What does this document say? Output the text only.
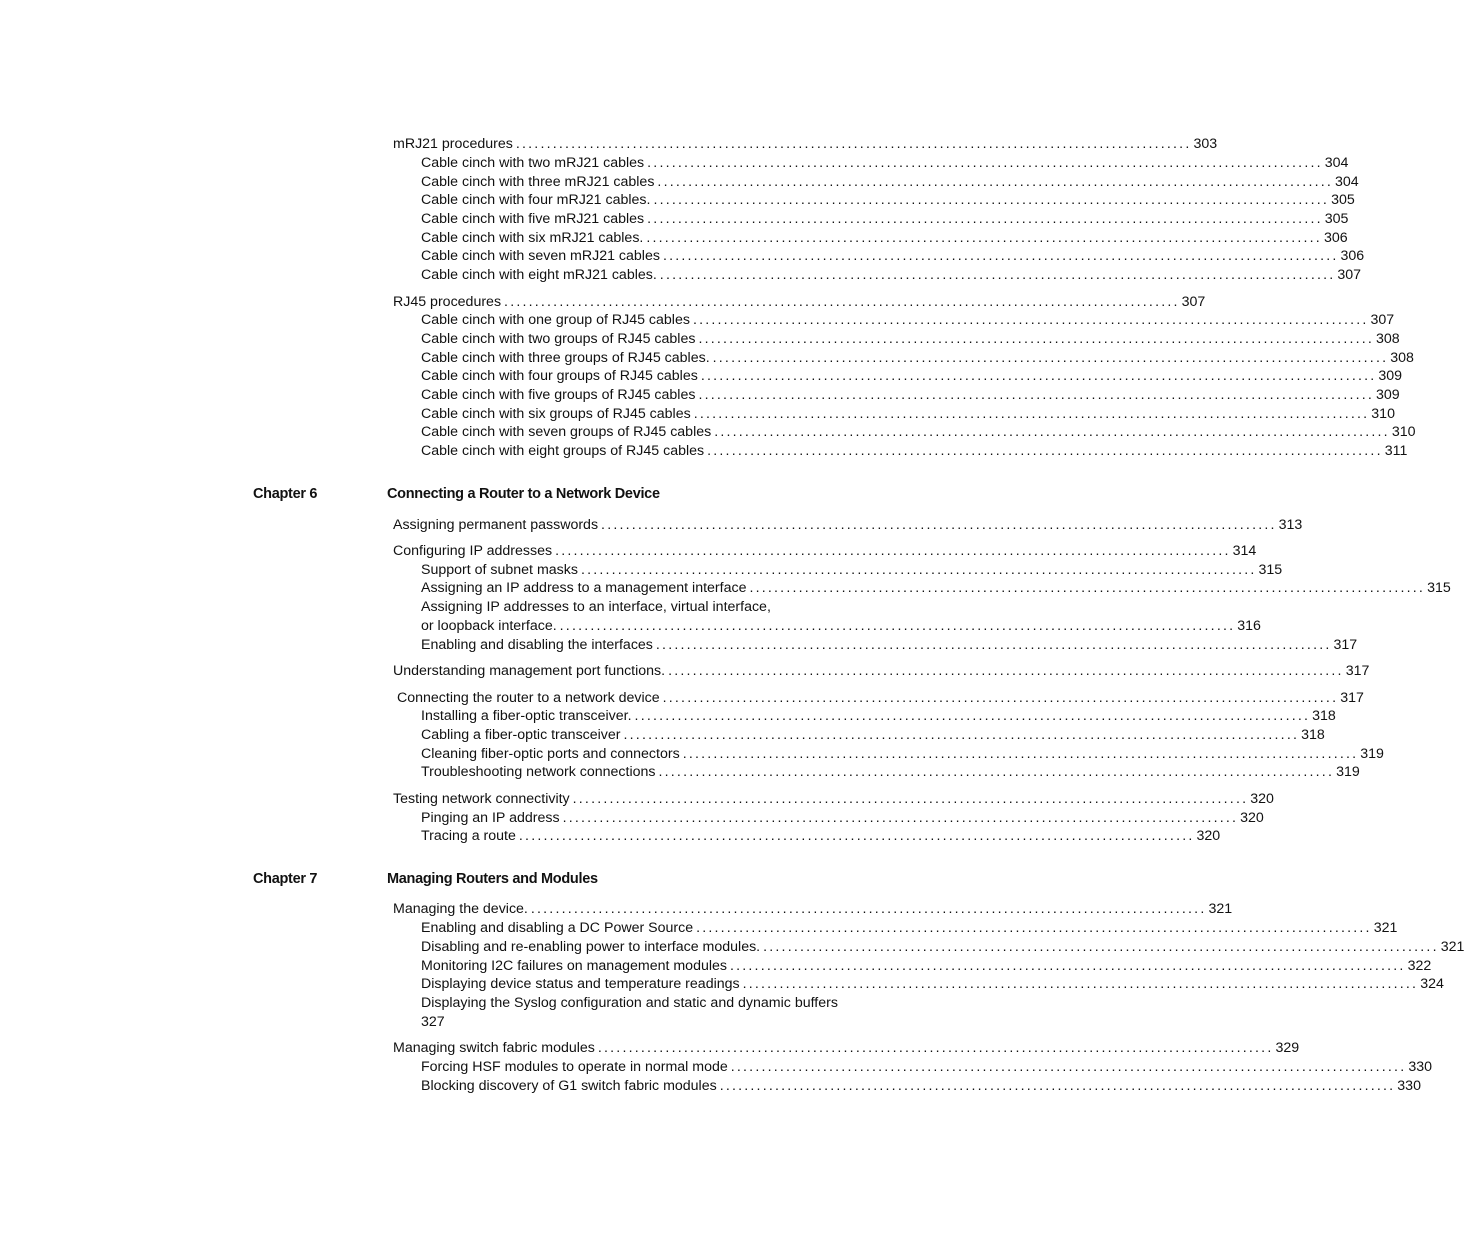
mRJ21 procedures .............................................................................................................. 303
Cable cinch with two mRJ21 cables .............................................................................................................. 304
Cable cinch with three mRJ21 cables .............................................................................................................. 304
Cable cinch with four mRJ21 cables. .............................................................................................................. 305
Cable cinch with five mRJ21 cables .............................................................................................................. 305
Cable cinch with six mRJ21 cables. .............................................................................................................. 306
Cable cinch with seven mRJ21 cables .............................................................................................................. 306
Cable cinch with eight mRJ21 cables. .............................................................................................................. 307
RJ45 procedures .............................................................................................................. 307
Cable cinch with one group of RJ45 cables .............................................................................................................. 307
Cable cinch with two groups of RJ45 cables .............................................................................................................. 308
Cable cinch with three groups of RJ45 cables. .............................................................................................................. 308
Cable cinch with four groups of RJ45 cables .............................................................................................................. 309
Cable cinch with five groups of RJ45 cables .............................................................................................................. 309
Cable cinch with six groups of RJ45 cables .............................................................................................................. 310
Cable cinch with seven groups of RJ45 cables .............................................................................................................. 310
Cable cinch with eight groups of RJ45 cables .............................................................................................................. 311
Chapter 6	Connecting a Router to a Network Device
Assigning permanent passwords .............................................................................................................. 313
Configuring IP addresses .............................................................................................................. 314
Support of subnet masks .............................................................................................................. 315
Assigning an IP address to a management interface .............................................................................................................. 315
Assigning IP addresses to an interface, virtual interface,
or loopback interface. .............................................................................................................. 316
Enabling and disabling the interfaces .............................................................................................................. 317
Understanding management port functions. .............................................................................................................. 317
Connecting the router to a network device .............................................................................................................. 317
Installing a fiber-optic transceiver. .............................................................................................................. 318
Cabling a fiber-optic transceiver .............................................................................................................. 318
Cleaning fiber-optic ports and connectors .............................................................................................................. 319
Troubleshooting network connections .............................................................................................................. 319
Testing network connectivity .............................................................................................................. 320
Pinging an IP address .............................................................................................................. 320
Tracing a route .............................................................................................................. 320
Chapter 7	Managing Routers and Modules
Managing the device. .............................................................................................................. 321
Enabling and disabling a DC Power Source .............................................................................................................. 321
Disabling and re-enabling power to interface modules. .............................................................................................................. 321
Monitoring I2C failures on management modules .............................................................................................................. 322
Displaying device status and temperature readings .............................................................................................................. 324
Displaying the Syslog configuration and static and dynamic buffers
327
Managing switch fabric modules .............................................................................................................. 329
Forcing HSF modules to operate in normal mode .............................................................................................................. 330
Blocking discovery of G1 switch fabric modules .............................................................................................................. 330
